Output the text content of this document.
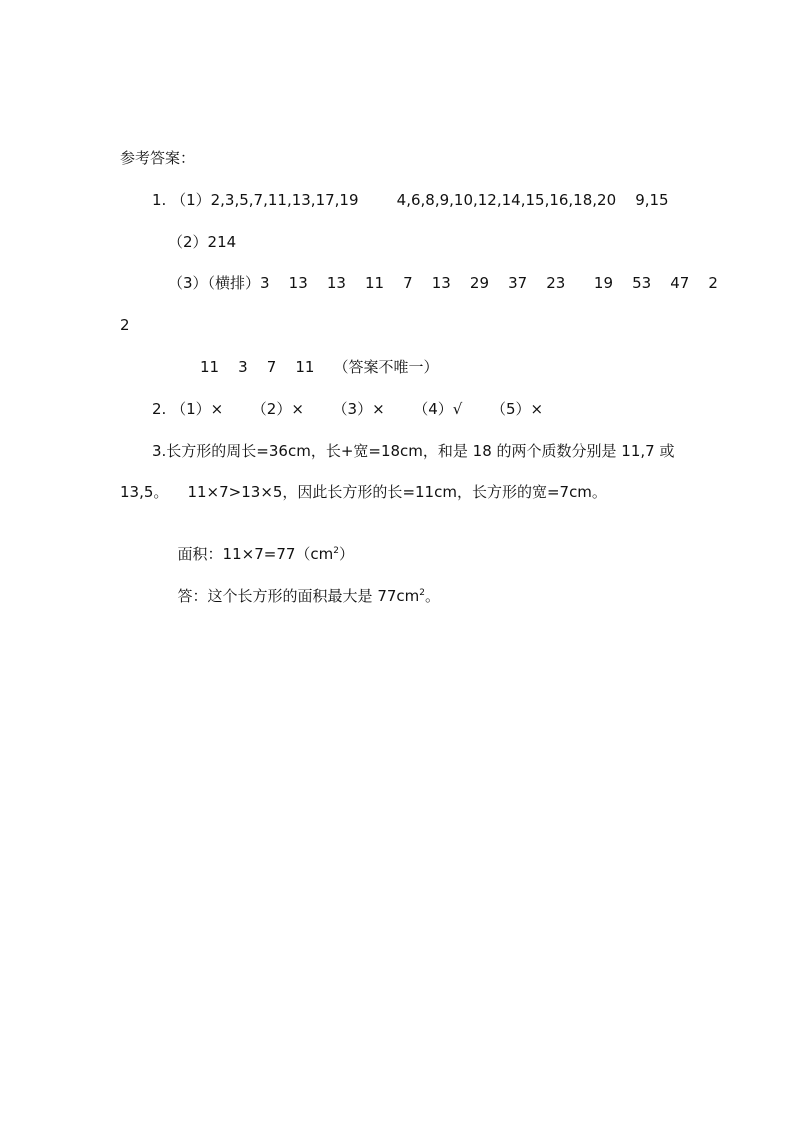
参考答案：
1. （1）2,3,5,7,11,13,17,19        4,6,8,9,10,12,14,15,16,18,20    9,15
（2）214
（3）（横排）3    13    13    11    7    13    29    37    23      19    53    47    2
2
11    3    7    11    （答案不唯一）
2. （1）×      （2）×      （3）×      （4）√      （5）×
3.长方形的周长=36cm，长+宽=18cm，和是 18 的两个质数分别是 11,7 或
13,5。    11×7>13×5，因此长方形的长=11cm，长方形的宽=7cm。

面积：$11\times 7=77(cm^2)$

答：这个长方形的面积最大是 $77cm^2$。
